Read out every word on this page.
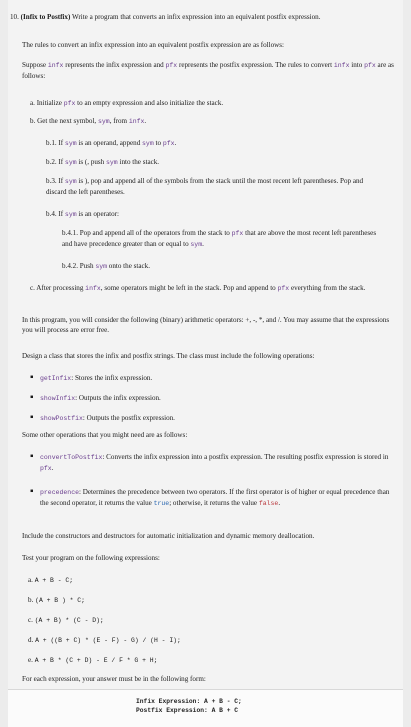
10. (Infix to Postfix) Write a program that converts an infix expression into an equivalent postfix expression.

The rules to convert an infix expression into an equivalent postfix expression are as follows:

Suppose infx represents the infix expression and pfx represents the postfix expression. The rules to convert infx into pfx are as follows:

a. Initialize pfx to an empty expression and also initialize the stack.

b. Get the next symbol, sym, from infx.

b.1. If sym is an operand, append sym to pfx.

b.2. If sym is (, push sym into the stack.

b.3. If sym is ), pop and append all of the symbols from the stack until the most recent left parentheses. Pop and discard the left parentheses.

b.4. If sym is an operator:

b.4.1. Pop and append all of the operators from the stack to pfx that are above the most recent left parentheses and have precedence greater than or equal to sym.

b.4.2. Push sym onto the stack.

c. After processing infx, some operators might be left in the stack. Pop and append to pfx everything from the stack.

In this program, you will consider the following (binary) arithmetic operators: +, -, *, and /. You may assume that the expressions you will process are error free.

Design a class that stores the infix and postfix strings. The class must include the following operations:

▪ getInfix: Stores the infix expression.

▪ showInfix: Outputs the infix expression.

▪ showPostfix: Outputs the postfix expression.

Some other operations that you might need are as follows:

▪ convertToPostfix: Converts the infix expression into a postfix expression. The resulting postfix expression is stored in pfx.

▪ precedence: Determines the precedence between two operators. If the first operator is of higher or equal precedence than the second operator, it returns the value true; otherwise, it returns the value false.

Include the constructors and destructors for automatic initialization and dynamic memory deallocation.

Test your program on the following expressions:

a. A + B - C;

b. (A + B ) * C;

c. (A + B) * (C - D);

d. A + ((B + C) * (E - F) - G) / (H - I);

e. A + B * (C + D) - E / F * G + H;

For each expression, your answer must be in the following form:

Infix Expression: A + B - C;
Postfix Expression: A B + C
